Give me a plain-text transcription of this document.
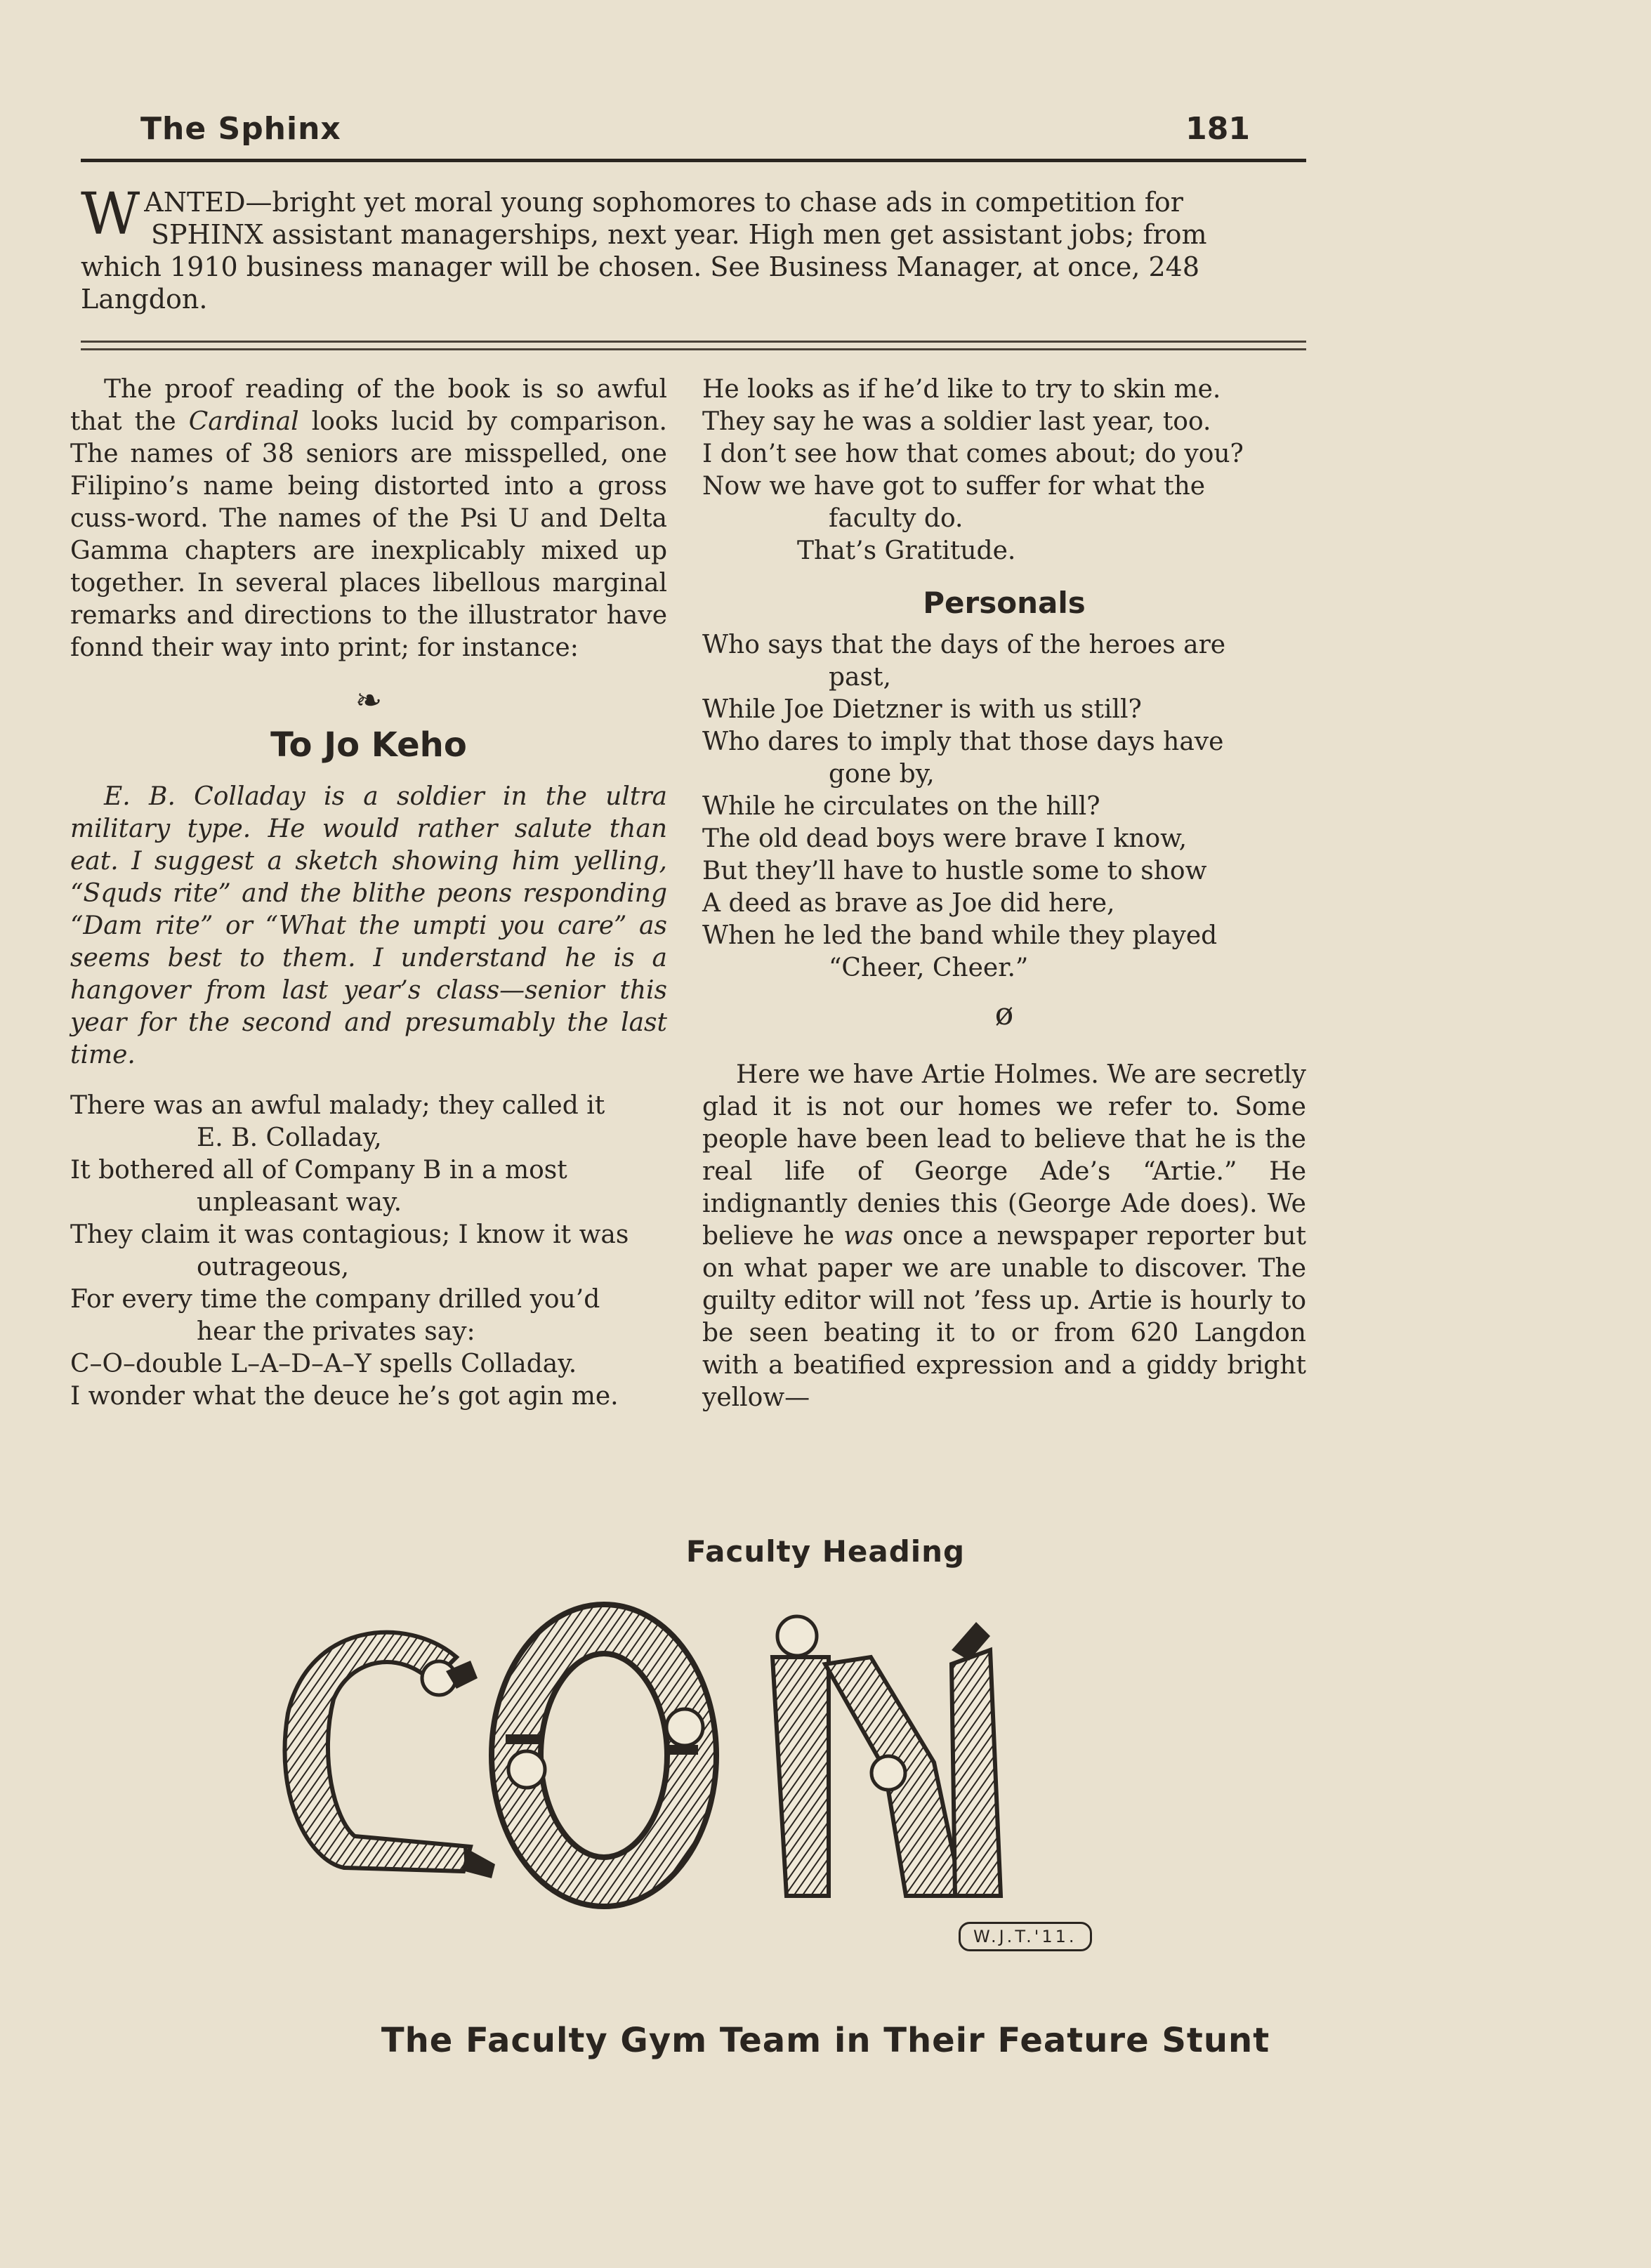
The Sphinx	181
W ANTED—bright yet moral young sophomores to chase ads in competition for
SPHINX assistant managerships, next year. High men get assistant jobs; from
which 1910 business manager will be chosen. See Business Manager, at once, 248
Langdon.

The proof reading of the book is so awful that the Cardinal looks lucid by comparison. The names of 38 seniors are misspelled, one Filipino’s name being distorted into a gross cuss-word. The names of the Psi U and Delta Gamma chapters are inexplicably mixed up together. In several places libellous marginal remarks and directions to the illustrator have fonnd their way into print; for instance:

❧
To Jo Keho

E. B. Colladay is a soldier in the ultra military type. He would rather salute than eat. I suggest a sketch showing him yelling, “Squds rite” and the blithe peons responding “Dam rite” or “What the umpti you care” as seems best to them. I understand he is a hangover from last year’s class—senior this year for the second and presumably the last time.

There was an awful malady; they called it
E. B. Colladay,
It bothered all of Company B in a most
unpleasant way.
They claim it was contagious; I know it was
outrageous,
For every time the company drilled you’d
hear the privates say:
C–O–double L–A–D–A–Y spells Colladay.
I wonder what the deuce he’s got agin me.
He looks as if he’d like to try to skin me.
They say he was a soldier last year, too.
I don’t see how that comes about; do you?
Now we have got to suffer for what the
faculty do.
That’s Gratitude.
Personals
Who says that the days of the heroes are
past,
While Joe Dietzner is with us still?
Who dares to imply that those days have
gone by,
While he circulates on the hill?
The old dead boys were brave I know,
But they’ll have to hustle some to show
A deed as brave as Joe did here,
When he led the band while they played
“Cheer, Cheer.”
ø

Here we have Artie Holmes. We are secretly glad it is not our homes we refer to. Some people have been lead to believe that he is the real life of George Ade’s “Artie.” He indignantly denies this (George Ade does). We believe he was once a newspaper reporter but on what paper we are unable to discover. The guilty editor will not ’fess up. Artie is hourly to be seen beating it to or from 620 Langdon with a beatified expression and a giddy bright yellow—

Faculty Heading
W.J.T.'11.
The Faculty Gym Team in Their Feature Stunt
